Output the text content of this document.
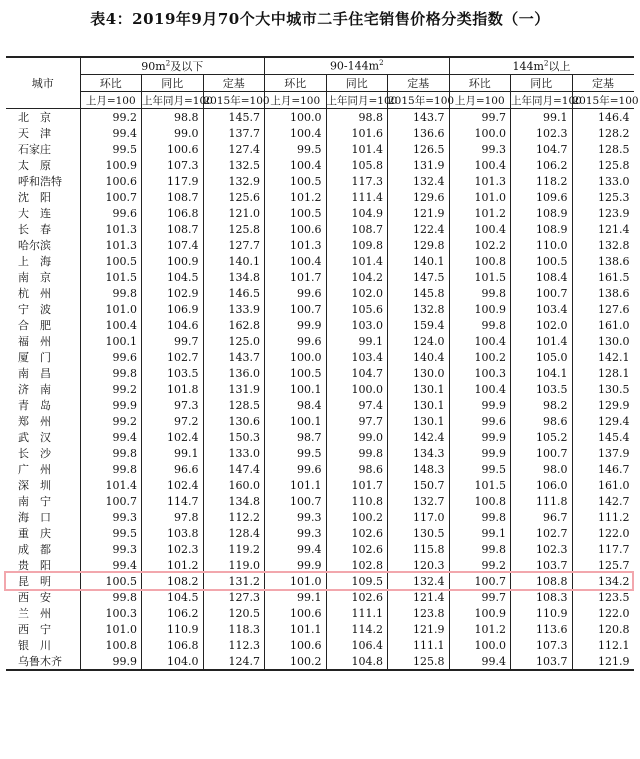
表4：2019年9月70个大中城市二手住宅销售价格分类指数（一）
城市	$90m^2$及以下			$90-144m^2$			$144m^2$以上		
	环比	同比	定基	环比	同比	定基	环比	同比	定基
	上月=100	上年同月=100	2015年=100	上月=100	上年同月=100	2015年=100	上月=100	上年同月=100	2015年=100
北　京	99.2	98.8	145.7	100.0	98.8	143.7	99.7	99.1	146.4
天　津	99.4	99.0	137.7	100.4	101.6	136.6	100.0	102.3	128.2
石家庄	99.5	100.6	127.4	99.5	101.4	126.5	99.3	104.7	128.5
太　原	100.9	107.3	132.5	100.4	105.8	131.9	100.4	106.2	125.8
呼和浩特	100.6	117.9	132.9	100.5	117.3	132.4	101.3	118.2	133.0
沈　阳	100.7	108.7	125.6	101.2	111.4	129.6	101.0	109.6	125.3
大　连	99.6	106.8	121.0	100.5	104.9	121.9	101.2	108.9	123.9
长　春	101.3	108.7	125.8	100.6	108.7	122.4	100.4	108.9	121.4
哈尔滨	101.3	107.4	127.7	101.3	109.8	129.8	102.2	110.0	132.8
上　海	100.5	100.9	140.1	100.4	101.4	140.1	100.8	100.5	138.6
南　京	101.5	104.5	134.8	101.7	104.2	147.5	101.5	108.4	161.5
杭　州	99.8	102.9	146.5	99.6	102.0	145.8	99.8	100.7	138.6
宁　波	101.0	106.9	133.9	100.7	105.6	132.8	100.9	103.4	127.6
合　肥	100.4	104.6	162.8	99.9	103.0	159.4	99.8	102.0	161.0
福　州	100.1	99.7	125.0	99.6	99.1	124.0	100.4	101.4	130.0
厦　门	99.6	102.7	143.7	100.0	103.4	140.4	100.2	105.0	142.1
南　昌	99.8	103.5	136.0	100.5	104.7	130.0	100.3	104.1	128.1
济　南	99.2	101.8	131.9	100.1	100.0	130.1	100.4	103.5	130.5
青　岛	99.9	97.3	128.5	98.4	97.4	130.1	99.9	98.2	129.9
郑　州	99.2	97.2	130.6	100.1	97.7	130.1	99.6	98.6	129.4
武　汉	99.4	102.4	150.3	98.7	99.0	142.4	99.9	105.2	145.4
长　沙	99.8	99.1	133.0	99.5	99.8	134.3	99.9	100.7	137.9
广　州	99.8	96.6	147.4	99.6	98.6	148.3	99.5	98.0	146.7
深　圳	101.4	102.4	160.0	101.1	101.7	150.7	101.5	106.0	161.0
南　宁	100.7	114.7	134.8	100.7	110.8	132.7	100.8	111.8	142.7
海　口	99.3	97.8	112.2	99.3	100.2	117.0	99.8	96.7	111.2
重　庆	99.5	103.8	128.4	99.3	102.6	130.5	99.1	102.7	122.0
成　都	99.3	102.3	119.2	99.4	102.6	115.8	99.8	102.3	117.7
贵　阳	99.4	101.2	119.0	99.9	102.8	120.3	99.2	103.7	125.7
昆　明	100.5	108.2	131.2	101.0	109.5	132.4	100.7	108.8	134.2
西　安	99.8	104.5	127.3	99.1	102.6	121.4	99.7	108.3	123.5
兰　州	100.3	106.2	120.5	100.6	111.1	123.8	100.9	110.9	122.0
西　宁	101.0	110.9	118.3	101.1	114.2	121.9	101.2	113.6	120.8
银　川	100.8	106.8	112.3	100.6	106.4	111.1	100.0	107.3	112.1
乌鲁木齐	99.9	104.0	124.7	100.2	104.8	125.8	99.4	103.7	121.9
